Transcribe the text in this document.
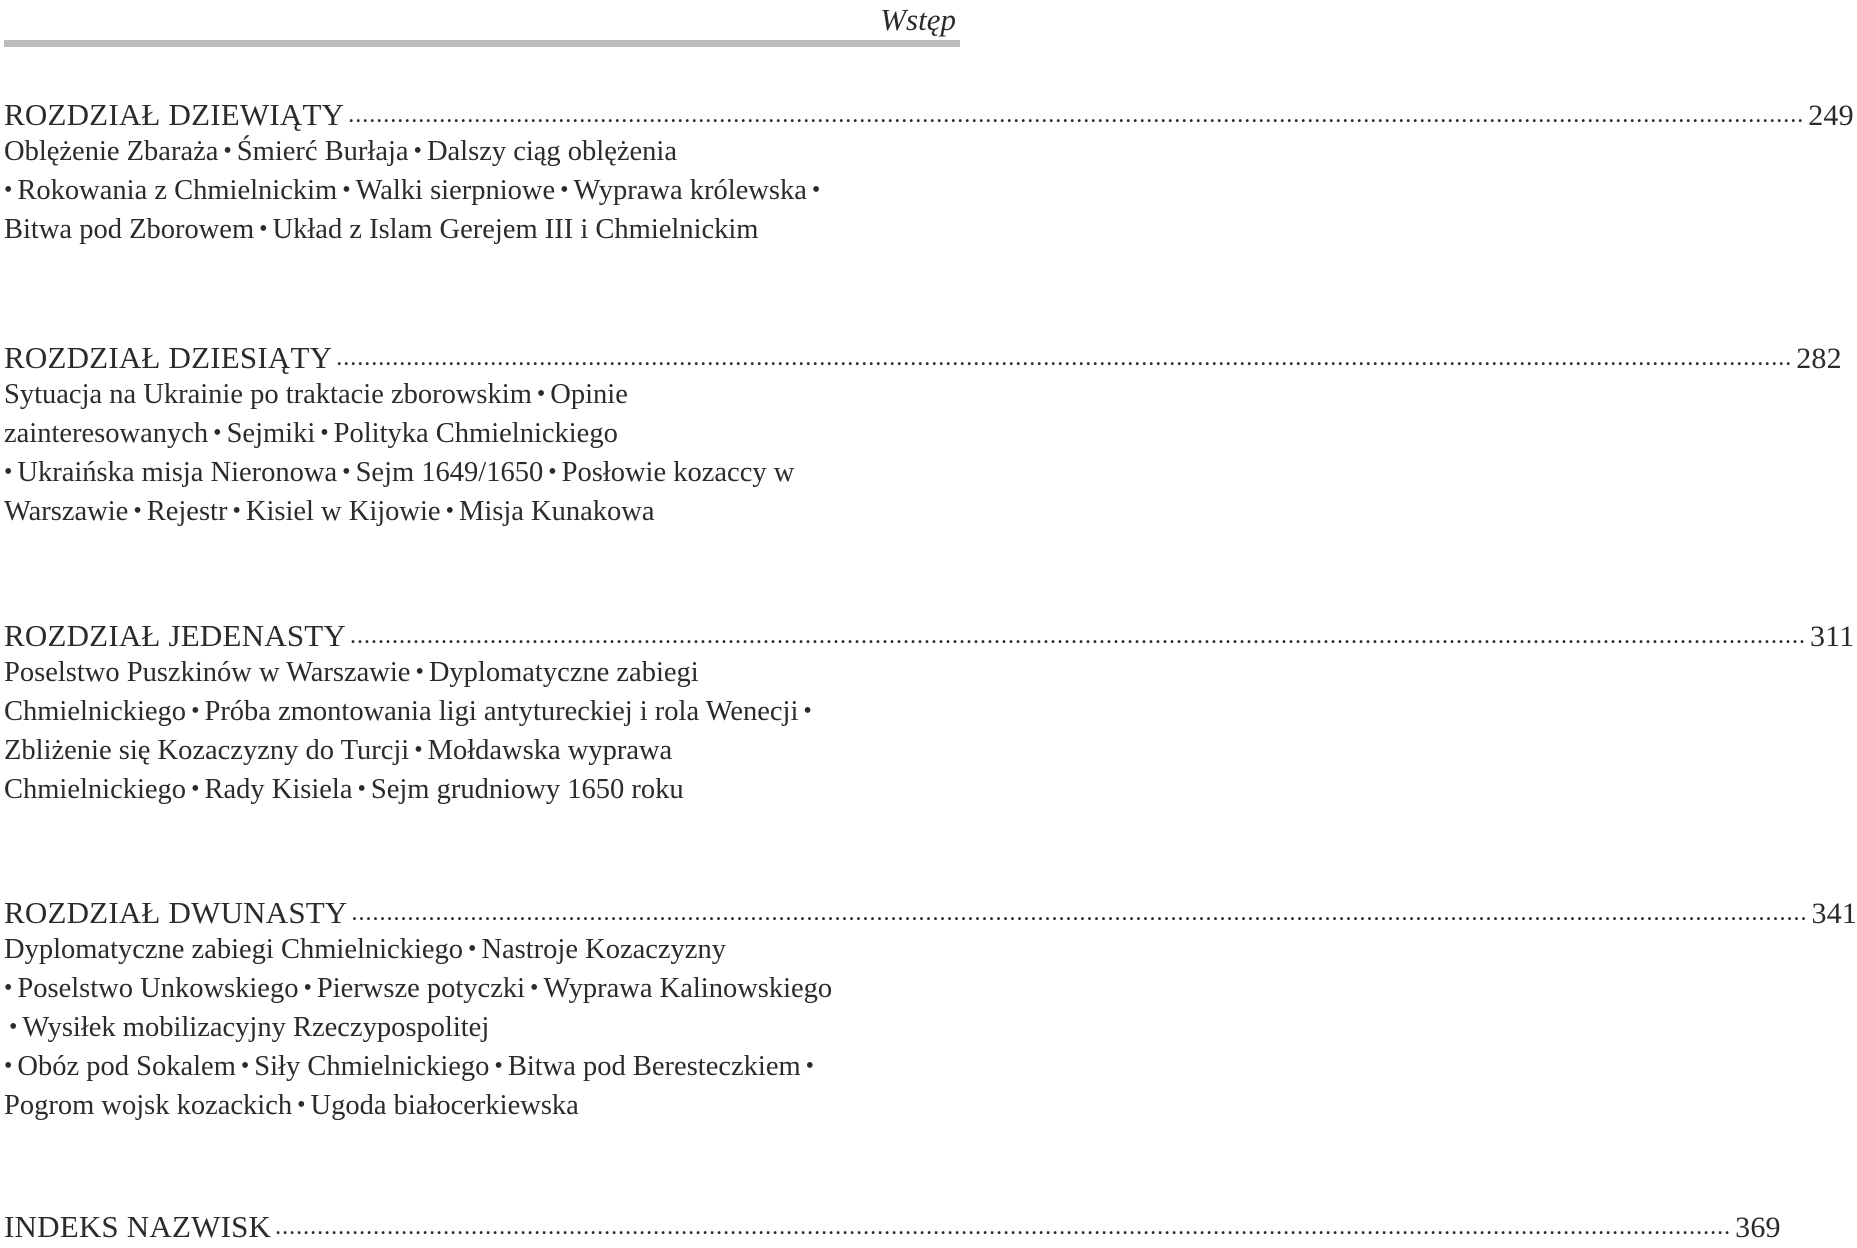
Wstęp
ROZDZIAŁ DZIEWIĄTY ................................................................................................................................................................................................................ 249
Oblężenie Zbaraża • Śmierć Burłaja • Dalszy ciąg oblężenia
• Rokowania z Chmielnickim • Walki sierpniowe • Wyprawa królewska •Bitwa pod Zborowem • Układ z Islam Gerejem III i Chmielnickim
ROZDZIAŁ DZIESIĄTY ................................................................................................................................................................................................................ 282
Sytuacja na Ukrainie po traktacie zborowskim • Opinie zainteresowanych • Sejmiki • Polityka Chmielnickiego
• Ukraińska misja Nieronowa • Sejm 1649/1650 • Posłowie kozaccy w Warszawie • Rejestr • Kisiel w Kijowie • Misja Kunakowa
ROZDZIAŁ JEDENASTY ................................................................................................................................................................................................................ 311
Poselstwo Puszkinów w Warszawie • Dyplomatyczne zabiegi Chmielnickiego • Próba zmontowania ligi antytureckiej i rola Wenecji •Zbliżenie się Kozaczyzny do Turcji • Mołdawska wyprawa Chmielnickiego • Rady Kisiela • Sejm grudniowy 1650 roku
ROZDZIAŁ DWUNASTY ................................................................................................................................................................................................................ 341
Dyplomatyczne zabiegi Chmielnickiego • Nastroje Kozaczyzny
• Poselstwo Unkowskiego • Pierwsze potyczki • Wyprawa Kalinowskiego• Wysiłek mobilizacyjny Rzeczypospolitej
• Obóz pod Sokalem • Siły Chmielnickiego • Bitwa pod Beresteczkiem •Pogrom wojsk kozackich • Ugoda białocerkiewska
INDEKS NAZWISK ................................................................................................................................................................................................................ 369
